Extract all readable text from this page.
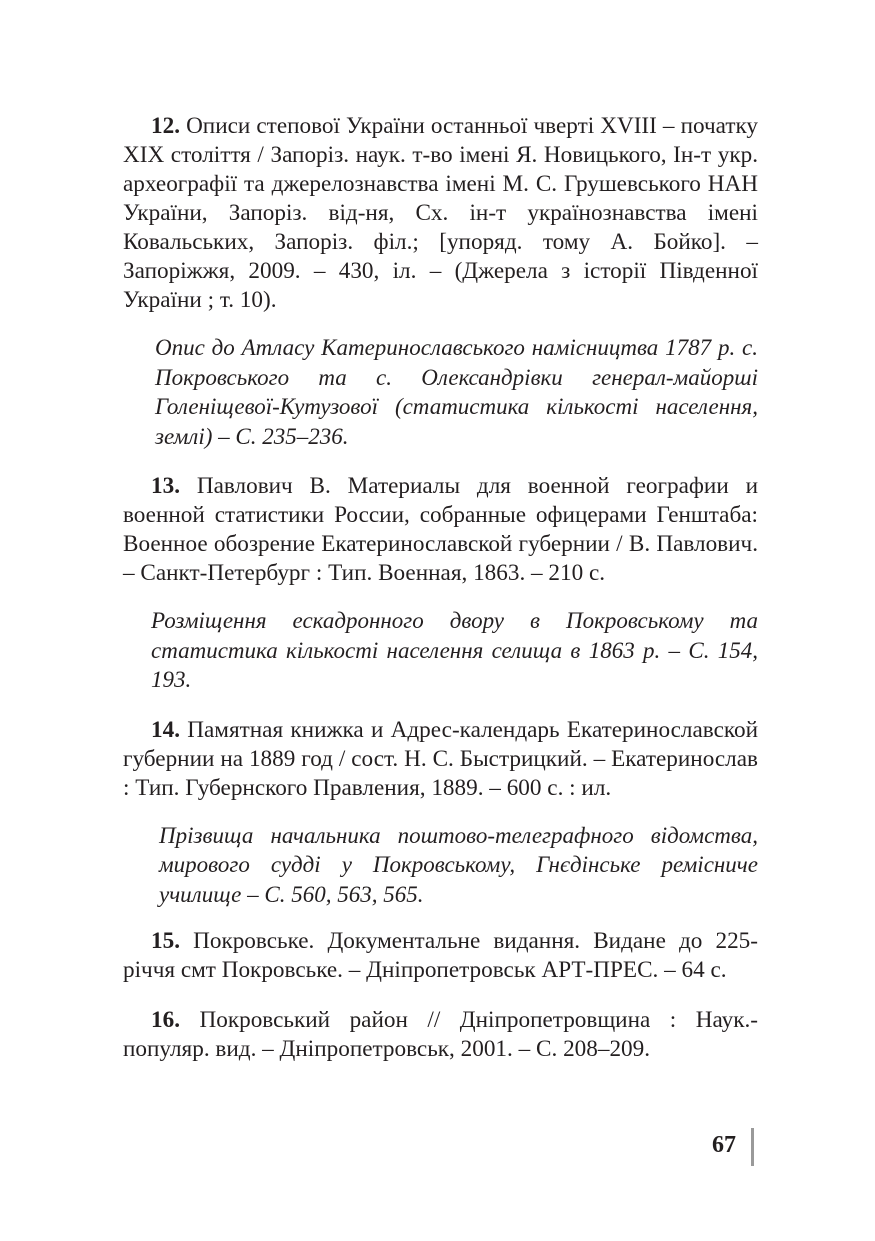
12. Описи степової України останньої чверті XVIII – початку XIX століття / Запоріз. наук. т-во імені Я. Новицького, Ін-т укр. археографії та джерелознавства імені М. С. Грушевського НАН України, Запоріз. від-ня, Сх. ін-т українознавства імені Ковальських, Запоріз. філ.; [упоряд. тому А. Бойко]. – Запоріжжя, 2009. – 430, іл. – (Джерела з історії Південної України ; т. 10).

Опис до Атласу Катеринославського намісництва 1787 р. с. Покровського та с. Олександрівки генерал-майорші Голеніщевої-Кутузової (статистика кількості населення, землі) – С. 235–236.

13. Павлович В. Материалы для военной географии и военной статистики России, собранные офицерами Генштаба: Военное обозрение Екатеринославской губернии / В. Павлович. – Санкт-Петербург : Тип. Военная, 1863. – 210 с.

Розміщення ескадронного двору в Покровському та статистика кількості населення селища в 1863 р. – С. 154, 193.

14. Памятная книжка и Адрес-календарь Екатеринославской губернии на 1889 год / сост. Н. С. Быстрицкий. – Екатеринослав : Тип. Губернского Правления, 1889. – 600 с. : ил.

Прізвища начальника поштово-телеграфного відомства, мирового судді у Покровському, Гнєдінське ремісниче училище – С. 560, 563, 565.

15. Покровське. Документальне видання. Видане до 225-річчя смт Покровське. – Дніпропетровськ АРТ-ПРЕС. – 64 с.

16. Покровський район // Дніпропетровщина : Наук.-популяр. вид. – Дніпропетровськ, 2001. – С. 208–209.

67
